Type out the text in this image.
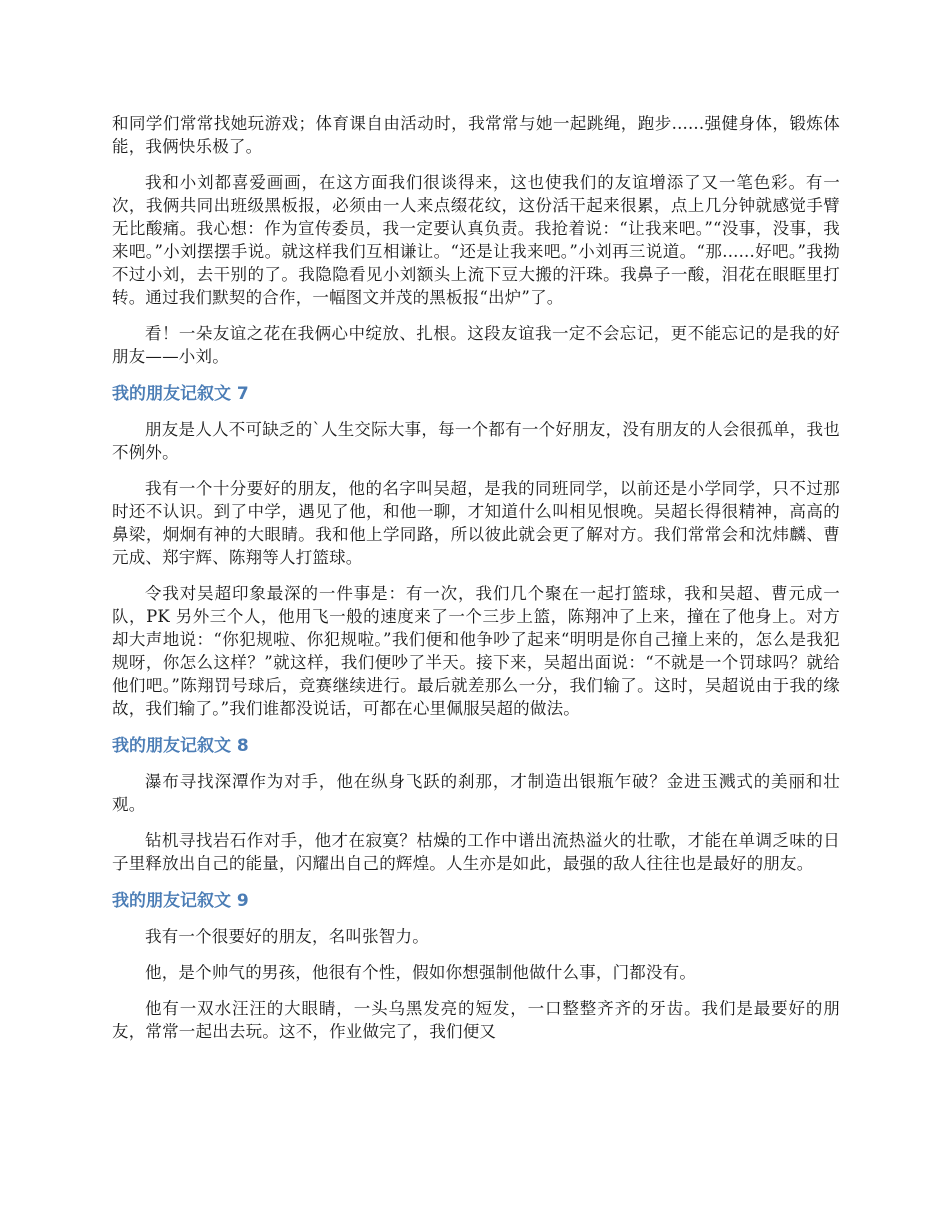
和同学们常常找她玩游戏；体育课自由活动时，我常常与她一起跳绳，跑步......强健身体，锻炼体能，我俩快乐极了。

我和小刘都喜爱画画，在这方面我们很谈得来，这也使我们的友谊增添了又一笔色彩。有一次，我俩共同出班级黑板报，必须由一人来点缀花纹，这份活干起来很累，点上几分钟就感觉手臂无比酸痛。我心想：作为宣传委员，我一定要认真负责。我抢着说：“让我来吧。”“没事，没事，我来吧。”小刘摆摆手说。就这样我们互相谦让。“还是让我来吧。”小刘再三说道。“那......好吧。”我拗不过小刘，去干别的了。我隐隐看见小刘额头上流下豆大搬的汗珠。我鼻子一酸，泪花在眼眶里打转。通过我们默契的合作，一幅图文并茂的黑板报“出炉”了。

看！一朵友谊之花在我俩心中绽放、扎根。这段友谊我一定不会忘记，更不能忘记的是我的好朋友——小刘。

我的朋友记叙文 7

朋友是人人不可缺乏的`人生交际大事，每一个都有一个好朋友，没有朋友的人会很孤单，我也不例外。

我有一个十分要好的朋友，他的名字叫吴超，是我的同班同学，以前还是小学同学，只不过那时还不认识。到了中学，遇见了他，和他一聊，才知道什么叫相见恨晚。吴超长得很精神，高高的鼻梁，炯炯有神的大眼睛。我和他上学同路，所以彼此就会更了解对方。我们常常会和沈炜麟、曹元成、郑宇辉、陈翔等人打篮球。

令我对吴超印象最深的一件事是：有一次，我们几个聚在一起打篮球，我和吴超、曹元成一队，PK 另外三个人，他用飞一般的速度来了一个三步上篮，陈翔冲了上来，撞在了他身上。对方却大声地说：“你犯规啦、你犯规啦。”我们便和他争吵了起来“明明是你自己撞上来的，怎么是我犯规呀，你怎么这样？”就这样，我们便吵了半天。接下来，吴超出面说：“不就是一个罚球吗？就给他们吧。”陈翔罚号球后，竞赛继续进行。最后就差那么一分，我们输了。这时，吴超说由于我的缘故，我们输了。”我们谁都没说话，可都在心里佩服吴超的做法。

我的朋友记叙文 8

瀑布寻找深潭作为对手，他在纵身飞跃的刹那，才制造出银瓶乍破？金进玉溅式的美丽和壮观。

钻机寻找岩石作对手，他才在寂寞？枯燥的工作中谱出流热溢火的壮歌，才能在单调乏味的日子里释放出自己的能量，闪耀出自己的辉煌。人生亦是如此，最强的敌人往往也是最好的朋友。

我的朋友记叙文 9

我有一个很要好的朋友，名叫张智力。

他，是个帅气的男孩，他很有个性，假如你想强制他做什么事，门都没有。

他有一双水汪汪的大眼睛，一头乌黑发亮的短发，一口整整齐齐的牙齿。我们是最要好的朋友，常常一起出去玩。这不，作业做完了，我们便又
